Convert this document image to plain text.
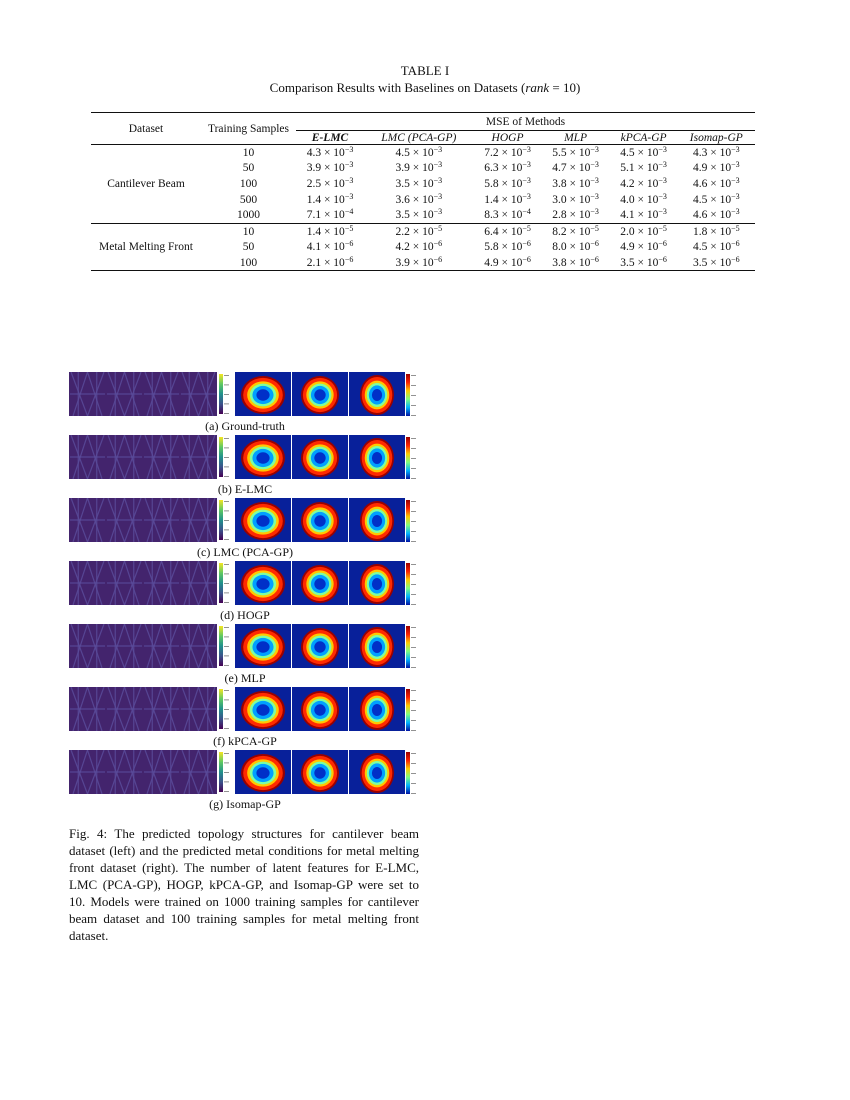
TABLE I
Comparison Results with Baselines on Datasets (rank = 10)
Dataset	Training Samples	MSE of Methods					
		E-LMC	LMC (PCA-GP)	HOGP	MLP	kPCA-GP	Isomap-GP
Cantilever Beam	10	$4.3 \times 10^{-3}$	$4.5 \times 10^{-3}$	$7.2 \times 10^{-3}$	$5.5 \times 10^{-3}$	$4.5 \times 10^{-3}$	$4.3 \times 10^{-3}$
	50	$3.9 \times 10^{-3}$	$3.9 \times 10^{-3}$	$6.3 \times 10^{-3}$	$4.7 \times 10^{-3}$	$5.1 \times 10^{-3}$	$4.9 \times 10^{-3}$
	100	$2.5 \times 10^{-3}$	$3.5 \times 10^{-3}$	$5.8 \times 10^{-3}$	$3.8 \times 10^{-3}$	$4.2 \times 10^{-3}$	$4.6 \times 10^{-3}$
	500	$1.4 \times 10^{-3}$	$3.6 \times 10^{-3}$	$1.4 \times 10^{-3}$	$3.0 \times 10^{-3}$	$4.0 \times 10^{-3}$	$4.5 \times 10^{-3}$
	1000	$7.1 \times 10^{-4}$	$3.5 \times 10^{-3}$	$8.3 \times 10^{-4}$	$2.8 \times 10^{-3}$	$4.1 \times 10^{-3}$	$4.6 \times 10^{-3}$
Metal Melting Front	10	$1.4 \times 10^{-5}$	$2.2 \times 10^{-5}$	$6.4 \times 10^{-5}$	$8.2 \times 10^{-5}$	$2.0 \times 10^{-5}$	$1.8 \times 10^{-5}$
	50	$4.1 \times 10^{-6}$	$4.2 \times 10^{-6}$	$5.8 \times 10^{-6}$	$8.0 \times 10^{-6}$	$4.9 \times 10^{-6}$	$4.5 \times 10^{-6}$
	100	$2.1 \times 10^{-6}$	$3.9 \times 10^{-6}$	$4.9 \times 10^{-6}$	$3.8 \times 10^{-6}$	$3.5 \times 10^{-6}$	$3.5 \times 10^{-6}$
(a) Ground-truth
(b) E-LMC
(c) LMC (PCA-GP)
(d) HOGP
(e) MLP
(f) kPCA-GP
(g) Isomap-GP
Fig. 4: The predicted topology structures for cantilever beam dataset (left) and the predicted metal conditions for metal melting front dataset (right). The number of latent features for E-LMC, LMC (PCA-GP), HOGP, kPCA-GP, and Isomap-GP were set to 10. Models were trained on 1000 training samples for cantilever beam dataset and 100 training samples for metal melting front dataset.
